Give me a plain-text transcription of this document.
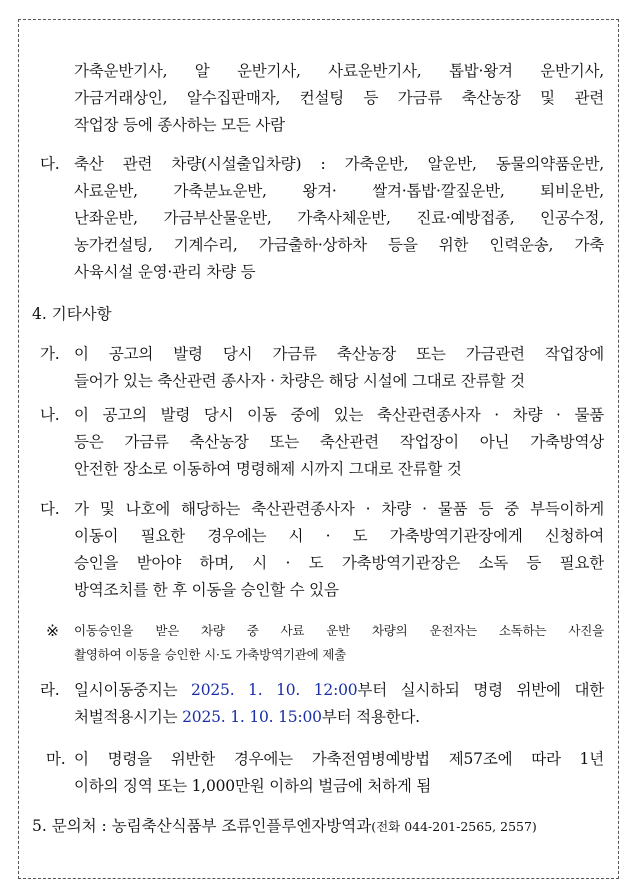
가축운반기사, 알 운반기사, 사료운반기사, 톱밥·왕겨 운반기사,
가금거래상인, 알수집판매자, 컨설팅 등 가금류 축산농장 및 관련
작업장 등에 종사하는 모든 사람
다. 축산 관련 차량(시설출입차량) : 가축운반, 알운반, 동물의약품운반,
사료운반, 가축분뇨운반, 왕겨· 쌀겨·톱밥·깔짚운반, 퇴비운반,
난좌운반, 가금부산물운반, 가축사체운반, 진료·예방접종, 인공수정,
농가컨설팅, 기계수리, 가금출하·상하차 등을 위한 인력운송, 가축
사육시설 운영·관리 차량 등
4. 기타사항
가. 이 공고의 발령 당시 가금류 축산농장 또는 가금관련 작업장에
들어가 있는 축산관련 종사자 · 차량은 해당 시설에 그대로 잔류할 것
나. 이 공고의 발령 당시 이동 중에 있는 축산관련종사자 · 차량 · 물품
등은 가금류 축산농장 또는 축산관련 작업장이 아닌 가축방역상
안전한 장소로 이동하여 명령해제 시까지 그대로 잔류할 것
다. 가 및 나호에 해당하는 축산관련종사자 · 차량 · 물품 등 중 부득이하게
이동이 필요한 경우에는 시 · 도 가축방역기관장에게 신청하여
승인을 받아야 하며, 시 · 도 가축방역기관장은 소독 등 필요한
방역조치를 한 후 이동을 승인할 수 있음
※ 이동승인을 받은 차량 중 사료 운반 차량의 운전자는 소독하는 사진을
촬영하여 이동을 승인한 시·도 가축방역기관에 제출
라. 일시이동중지는 2025. 1. 10. 12:00부터 실시하되 명령 위반에 대한
처벌적용시기는 2025. 1. 10. 15:00부터 적용한다.
마. 이 명령을 위반한 경우에는 가축전염병예방법 제57조에 따라 1년
이하의 징역 또는 1,000만원 이하의 벌금에 처하게 됨
5. 문의처 : 농림축산식품부 조류인플루엔자방역과(전화 044-201-2565, 2557)
